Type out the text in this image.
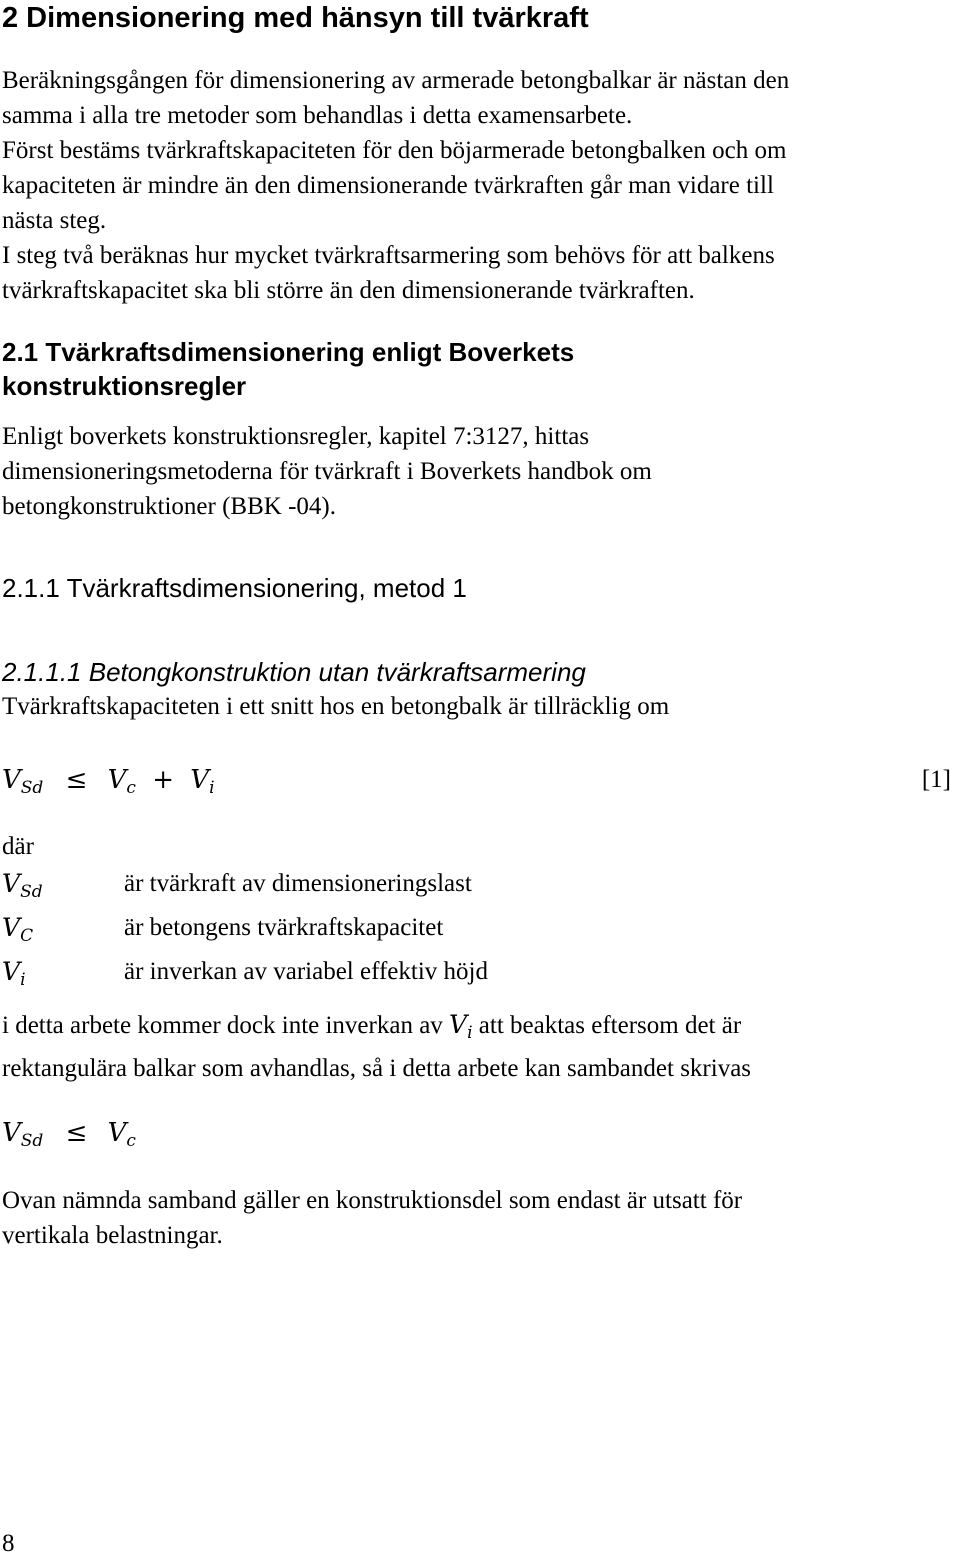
2 Dimensionering med hänsyn till tvärkraft

Beräkningsgången för dimensionering av armerade betongbalkar är nästan den

samma i alla tre metoder som behandlas i detta examensarbete.

Först bestäms tvärkraftskapaciteten för den böjarmerade betongbalken och om

kapaciteten är mindre än den dimensionerande tvärkraften går man vidare till

nästa steg.

I steg två beräknas hur mycket tvärkraftsarmering som behövs för att balkens

tvärkraftskapacitet ska bli större än den dimensionerande tvärkraften.

2.1 Tvärkraftsdimensionering enligt Boverkets

konstruktionsregler

Enligt boverkets konstruktionsregler, kapitel 7:3127, hittas

dimensioneringsmetoderna för tvärkraft i Boverkets handbok om

betongkonstruktioner (BBK -04).

2.1.1 Tvärkraftsdimensionering, metod 1
2.1.1.1 Betongkonstruktion utan tvärkraftsarmering
Tvärkraftskapaciteten i ett snitt hos en betongbalk är tillräcklig om
$V_{Sd} \le V_c + V_i$	[1]
där
$V_{Sd}$	är tvärkraft av dimensioneringslast
$V_C$	är betongens tvärkraftskapacitet
$V_i$	är inverkan av variabel effektiv höjd

i detta arbete kommer dock inte inverkan av $V_i$ att beaktas eftersom det är

rektangulära balkar som avhandlas, så i detta arbete kan sambandet skrivas

$V_{Sd} \le V_c$

Ovan nämnda samband gäller en konstruktionsdel som endast är utsatt för

vertikala belastningar.

8
